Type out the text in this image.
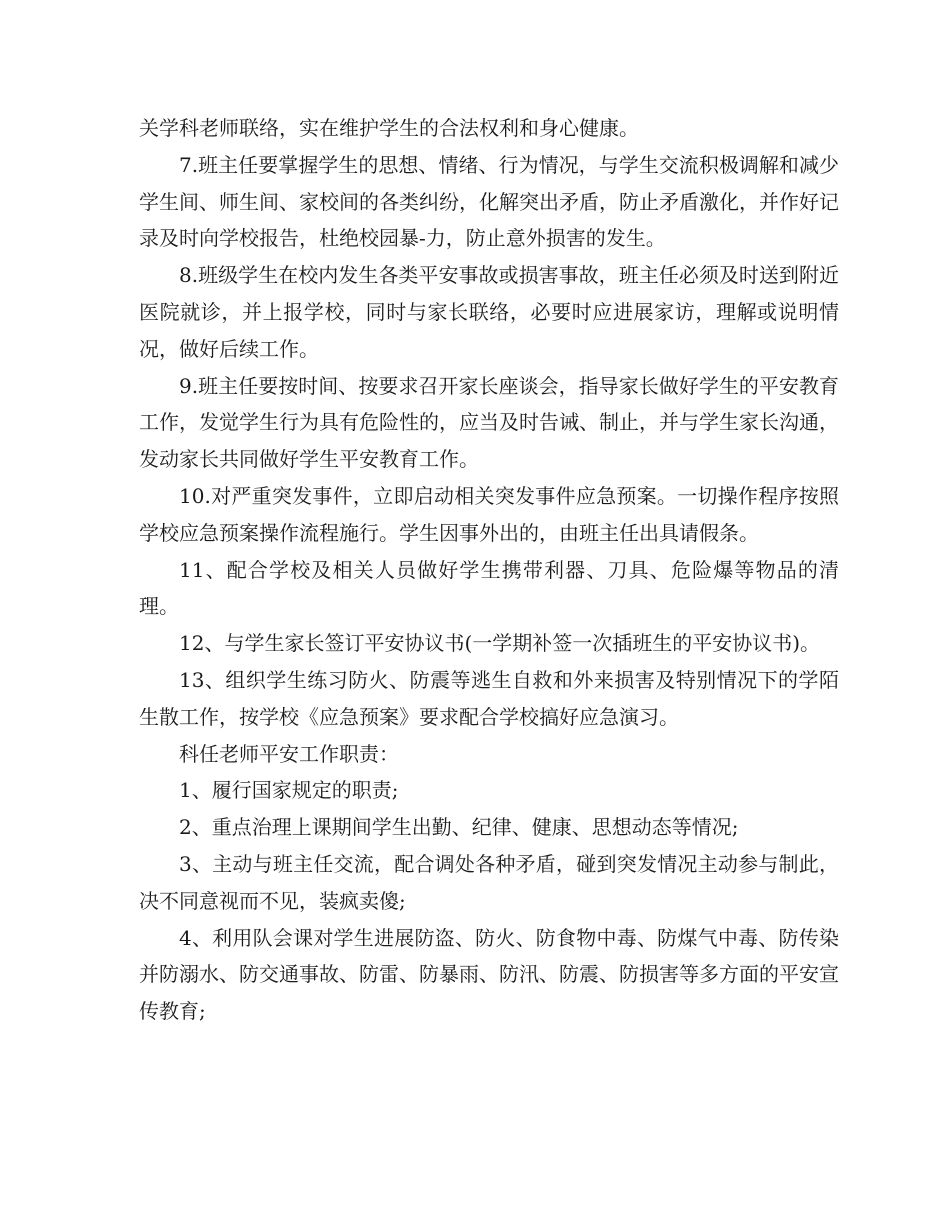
关学科老师联络，实在维护学生的合法权利和身心健康。

7.班主任要掌握学生的思想、情绪、行为情况，与学生交流积极调解和减少学生间、师生间、家校间的各类纠纷，化解突出矛盾，防止矛盾激化，并作好记录及时向学校报告，杜绝校园暴-力，防止意外损害的发生。

8.班级学生在校内发生各类平安事故或损害事故，班主任必须及时送到附近医院就诊，并上报学校，同时与家长联络，必要时应进展家访，理解或说明情况，做好后续工作。

9.班主任要按时间、按要求召开家长座谈会，指导家长做好学生的平安教育工作，发觉学生行为具有危险性的，应当及时告诫、制止，并与学生家长沟通，发动家长共同做好学生平安教育工作。

10.对严重突发事件，立即启动相关突发事件应急预案。一切操作程序按照学校应急预案操作流程施行。学生因事外出的，由班主任出具请假条。

11、配合学校及相关人员做好学生携带利器、刀具、危险爆等物品的清理。

12、与学生家长签订平安协议书(一学期补签一次插班生的平安协议书)。

13、组织学生练习防火、防震等逃生自救和外来损害及特别情况下的学陌生散工作，按学校《应急预案》要求配合学校搞好应急演习。

科任老师平安工作职责：

1、履行国家规定的职责;

2、重点治理上课期间学生出勤、纪律、健康、思想动态等情况;

3、主动与班主任交流，配合调处各种矛盾，碰到突发情况主动参与制此，决不同意视而不见，装疯卖傻;

4、利用队会课对学生进展防盗、防火、防食物中毒、防煤气中毒、防传染并防溺水、防交通事故、防雷、防暴雨、防汛、防震、防损害等多方面的平安宣传教育;
